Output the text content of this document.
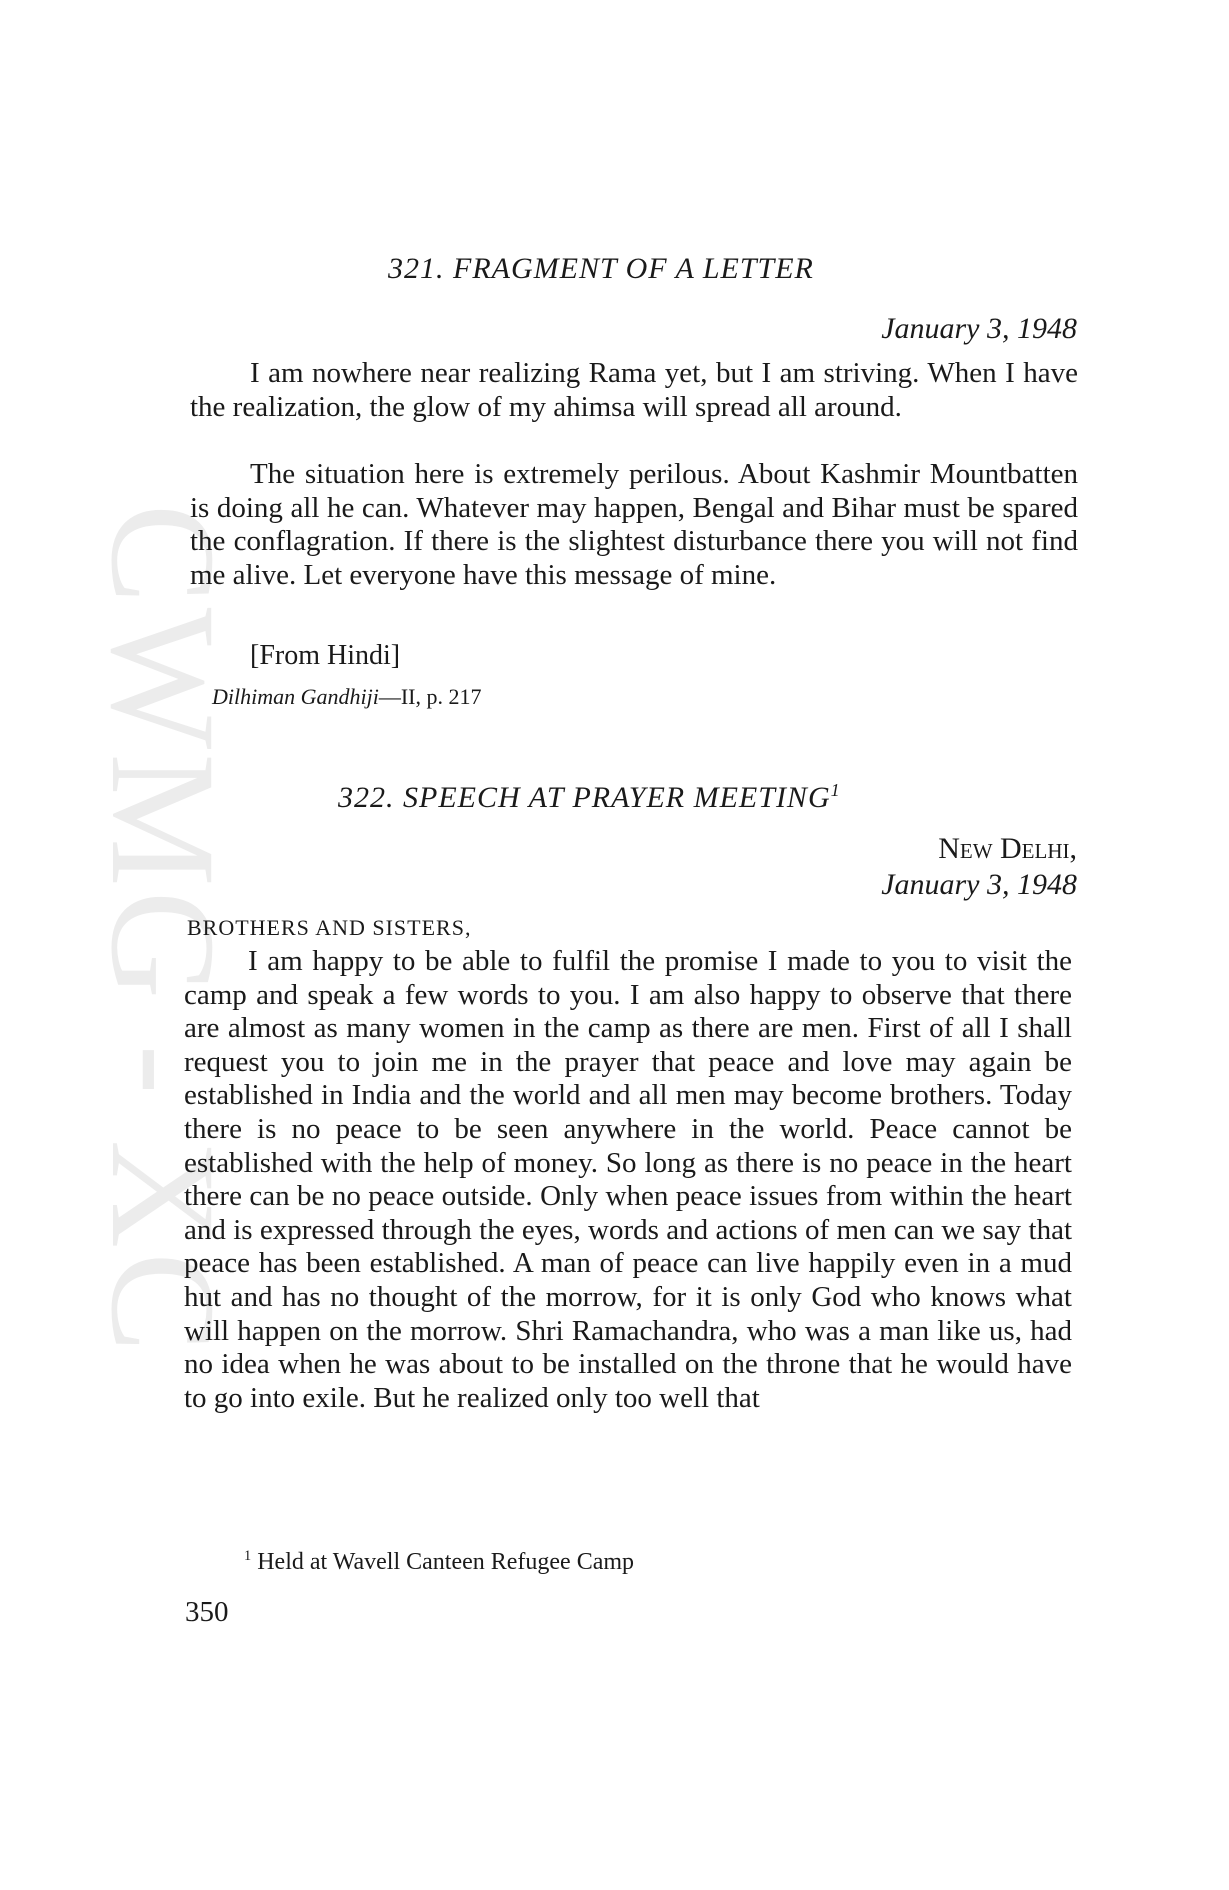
CWMG - XC
321. FRAGMENT OF A LETTER
January 3, 1948
I am nowhere near realizing Rama yet, but I am striving. When I have the realization, the glow of my ahimsa will spread all around.
The situation here is extremely perilous. About Kashmir Mountbatten is doing all he can. Whatever may happen, Bengal and Bihar must be spared the conflagration. If there is the slightest disturbance there you will not find me alive. Let everyone have this message of mine.
[From Hindi]
Dilhiman Gandhiji—II, p. 217
322. SPEECH AT PRAYER MEETING$^1$
New Delhi,
January 3, 1948
BROTHERS AND SISTERS,
I am happy to be able to fulfil the promise I made to you to visit the camp and speak a few words to you. I am also happy to observe that there are almost as many women in the camp as there are men. First of all I shall request you to join me in the prayer that peace and love may again be established in India and the world and all men may become brothers. Today there is no peace to be seen anywhere in the world. Peace cannot be established with the help of money. So long as there is no peace in the heart there can be no peace outside. Only when peace issues from within the heart and is expressed through the eyes, words and actions of men can we say that peace has been established. A man of peace can live happily even in a mud hut and has no thought of the morrow, for it is only God who knows what will happen on the morrow. Shri Ramachandra, who was a man like us, had no idea when he was about to be installed on the throne that he would have to go into exile. But he realized only too well that
$^1$ Held at Wavell Canteen Refugee Camp
350
